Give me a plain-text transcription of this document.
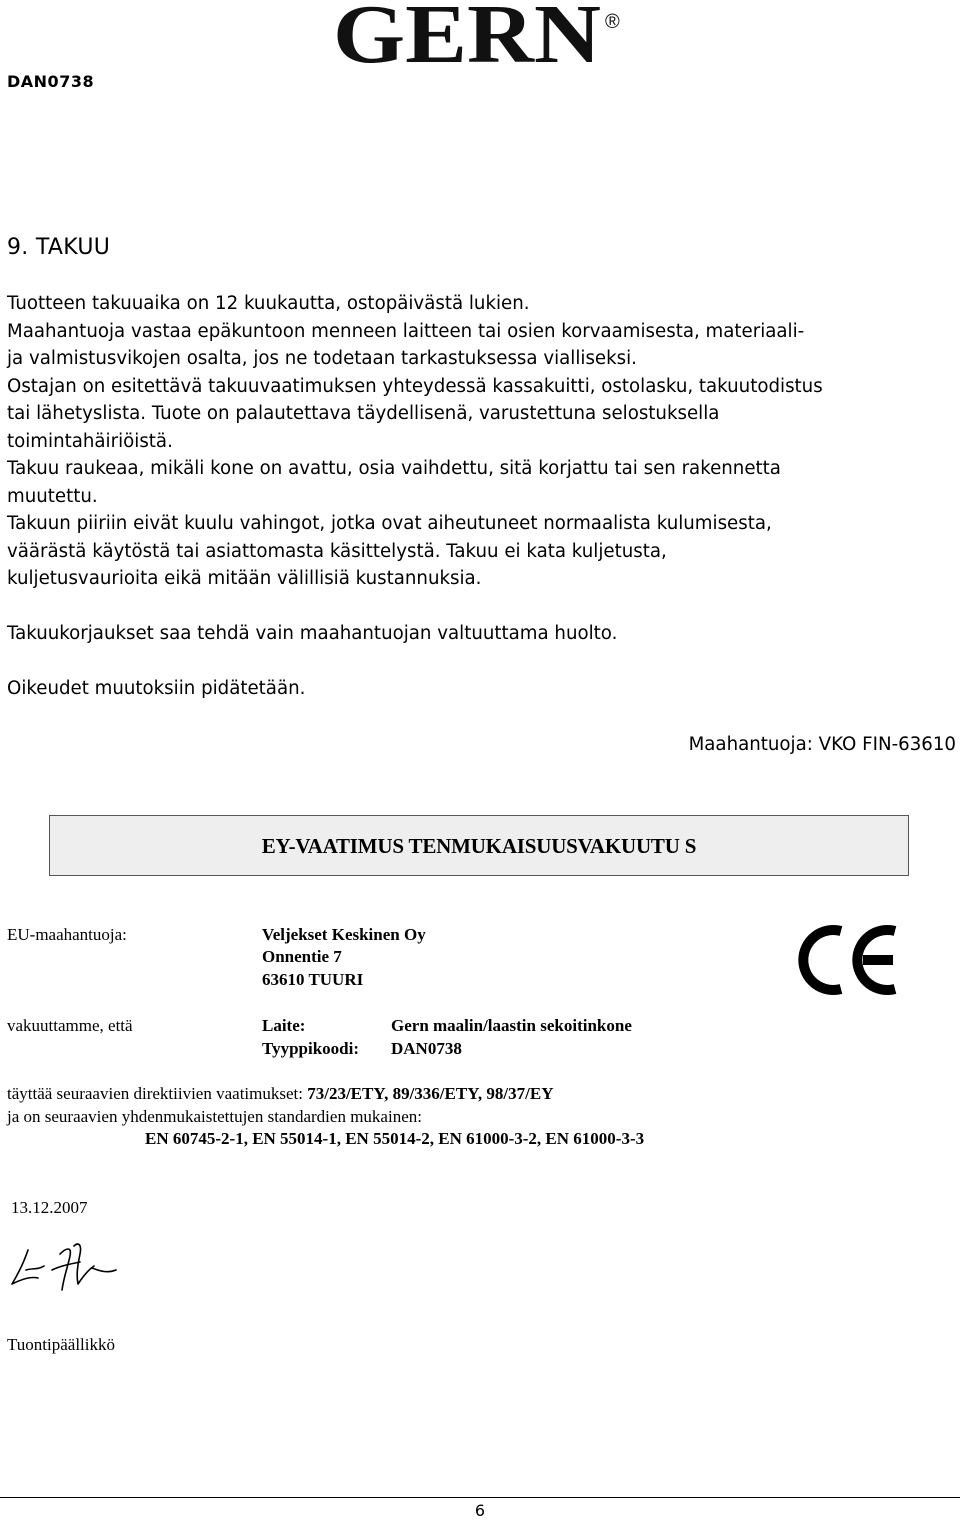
DAN0738
GERN ®
9. TAKUU

Tuotteen takuuaika on 12 kuukautta, ostopäivästä lukien.

Maahantuoja vastaa epäkuntoon menneen laitteen tai osien korvaamisesta, materiaali-

ja valmistusvikojen osalta, jos ne todetaan tarkastuksessa vialliseksi.

Ostajan on esitettävä takuuvaatimuksen yhteydessä kassakuitti, ostolasku, takuutodistus

tai lähetyslista. Tuote on palautettava täydellisenä, varustettuna selostuksella

toimintahäiriöistä.

Takuu raukeaa, mikäli kone on avattu, osia vaihdettu, sitä korjattu tai sen rakennetta

muutettu.

Takuun piiriin eivät kuulu vahingot, jotka ovat aiheutuneet normaalista kulumisesta,

väärästä käytöstä tai asiattomasta käsittelystä. Takuu ei kata kuljetusta,

kuljetusvaurioita eikä mitään välillisiä kustannuksia.

Takuukorjaukset saa tehdä vain maahantuojan valtuuttama huolto.
Oikeudet muutoksiin pidätetään.
Maahantuoja: VKO FIN-63610
EY-VAATIMUS TENMUKAISUUSVAKUUTU S
EU-maahantuoja:	Veljekset Keskinen Oy
Onnentie 7
63610 TUURI
vakuuttamme, että	Laite:	Gern maalin/laastin sekoitinkone
Tyyppikoodi: DAN0738
täyttää seuraavien direktiivien vaatimukset: 73/23/ETY, 89/336/ETY, 98/37/EY
ja on seuraavien yhdenmukaistettujen standardien mukainen:
EN 60745-2-1, EN 55014-1, EN 55014-2, EN 61000-3-2, EN 61000-3-3
13.12.2007
Tuontipäällikkö
6
